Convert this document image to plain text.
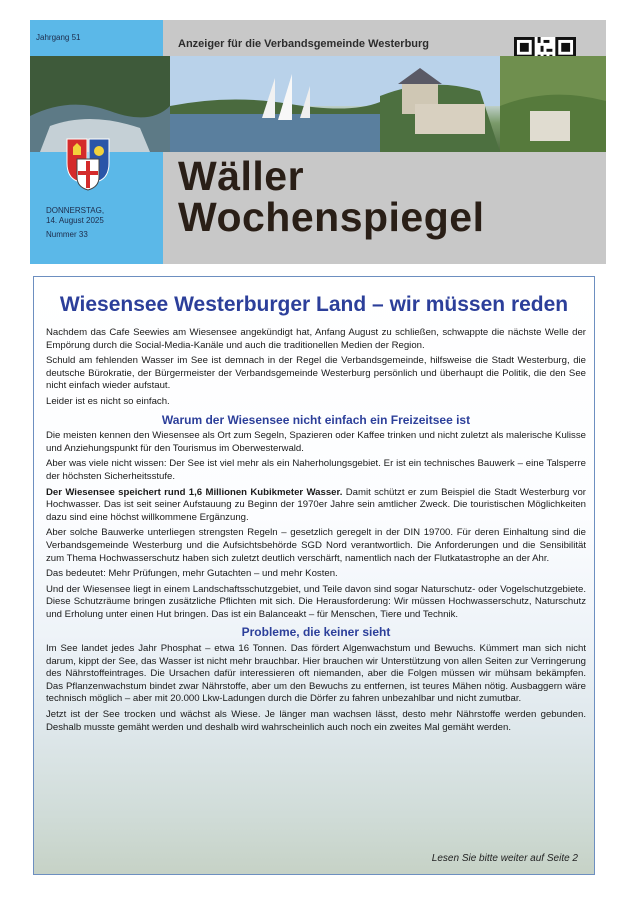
Jahrgang 51
Anzeiger für die Verbandsgemeinde Westerburg
DONNERSTAG,
14. August 2025
Nummer 33
Wäller
Wochenspiegel
Wiesensee Westerburger Land – wir müssen reden

Nachdem das Cafe Seewies am Wiesensee angekündigt hat, Anfang August zu schließen, schwappte die nächste Welle der Empörung durch die Social-Media-Kanäle und auch die traditionellen Medien der Region.

Schuld am fehlenden Wasser im See ist demnach in der Regel die Verbandsgemeinde, hilfsweise die Stadt Westerburg, die deutsche Bürokratie, der Bürgermeister der Verbandsgemeinde Westerburg persönlich und überhaupt die Politik, die den See nicht einfach wieder aufstaut.

Leider ist es nicht so einfach.

Warum der Wiesensee nicht einfach ein Freizeitsee ist

Die meisten kennen den Wiesensee als Ort zum Segeln, Spazieren oder Kaffee trinken und nicht zuletzt als malerische Kulisse und Anziehungspunkt für den Tourismus im Oberwesterwald.

Aber was viele nicht wissen: Der See ist viel mehr als ein Naherholungsgebiet. Er ist ein technisches Bauwerk – eine Talsperre der höchsten Sicherheitsstufe.

Der Wiesensee speichert rund 1,6 Millionen Kubikmeter Wasser. Damit schützt er zum Beispiel die Stadt Westerburg vor Hochwasser. Das ist seit seiner Aufstauung zu Beginn der 1970er Jahre sein amtlicher Zweck. Die touristischen Möglichkeiten dazu sind eine höchst willkommene Ergänzung.

Aber solche Bauwerke unterliegen strengsten Regeln – gesetzlich geregelt in der DIN 19700. Für deren Einhaltung sind die Verbandsgemeinde Westerburg und die Aufsichtsbehörde SGD Nord verantwortlich. Die Anforderungen und die Sensibilität zum Thema Hochwasserschutz haben sich zuletzt deutlich verschärft, namentlich nach der Flutkatastrophe an der Ahr.

Das bedeutet: Mehr Prüfungen, mehr Gutachten – und mehr Kosten.

Und der Wiesensee liegt in einem Landschaftsschutzgebiet, und Teile davon sind sogar Naturschutz- oder Vogelschutzgebiete. Diese Schutzräume bringen zusätzliche Pflichten mit sich. Die Herausforderung: Wir müssen Hochwasserschutz, Naturschutz und Erholung unter einen Hut bringen. Das ist ein Balanceakt – für Menschen, Tiere und Technik.

Probleme, die keiner sieht

Im See landet jedes Jahr Phosphat – etwa 16 Tonnen. Das fördert Algenwachstum und Bewuchs. Kümmert man sich nicht darum, kippt der See, das Wasser ist nicht mehr brauchbar. Hier brauchen wir Unterstützung von allen Seiten zur Verringerung des Nährstoffeintrages. Die Ursachen dafür interessieren oft niemanden, aber die Folgen müssen wir mühsam bekämpfen. Das Pflanzenwachstum bindet zwar Nährstoffe, aber um den Bewuchs zu entfernen, ist teures Mähen nötig. Ausbaggern wäre technisch möglich – aber mit 20.000 Lkw-Ladungen durch die Dörfer zu fahren unbezahlbar und nicht zumutbar.

Jetzt ist der See trocken und wächst als Wiese. Je länger man wachsen lässt, desto mehr Nährstoffe werden gebunden. Deshalb musste gemäht werden und deshalb wird wahrscheinlich auch noch ein zweites Mal gemäht werden.

Lesen Sie bitte weiter auf Seite 2
